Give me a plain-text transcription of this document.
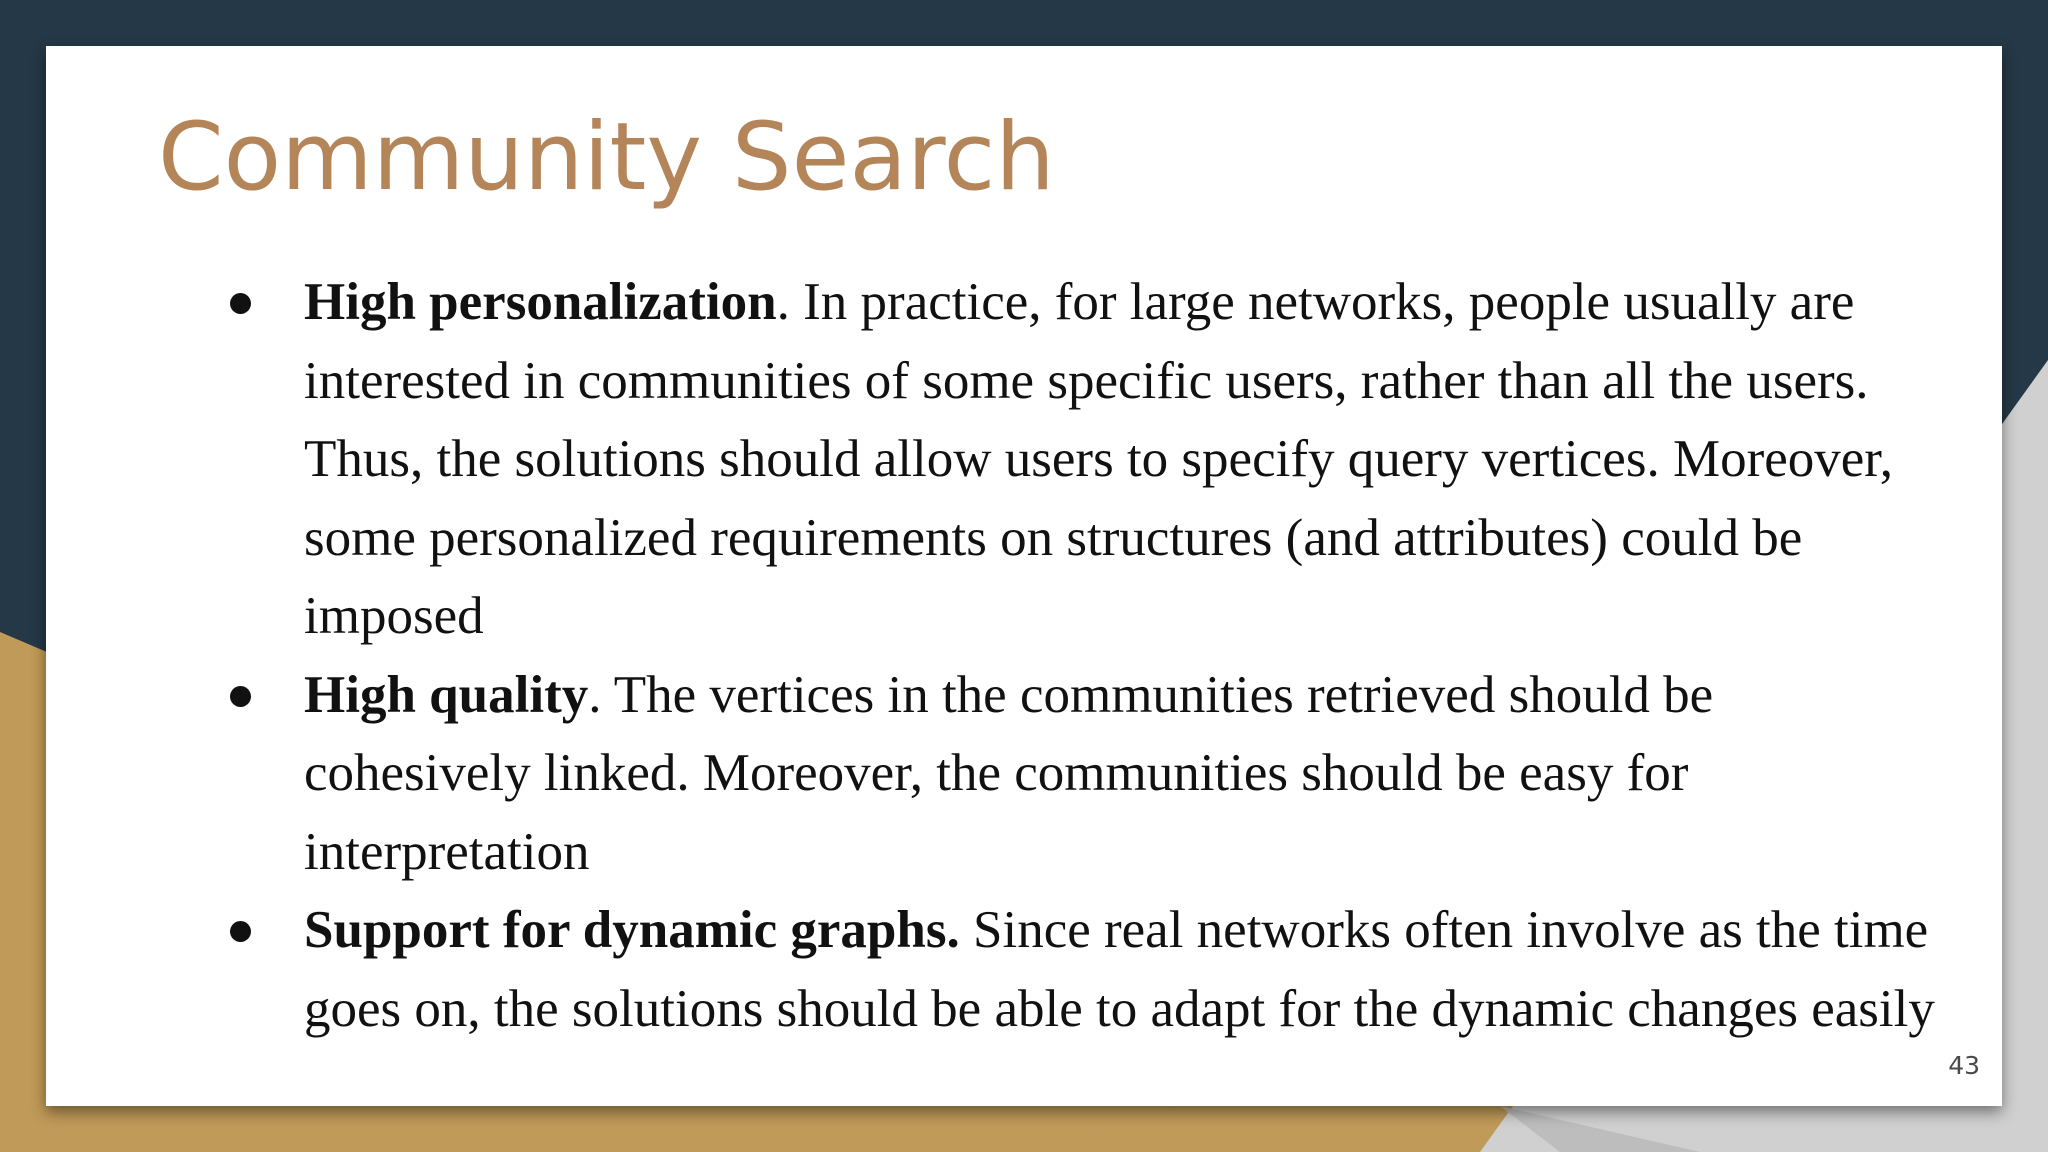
Community Search
High personalization. In practice, for large networks, people usually are interested in communities of some specific users, rather than all the users. Thus, the solutions should allow users to specify query vertices. Moreover, some personalized requirements on structures (and attributes) could be imposed
High quality. The vertices in the communities retrieved should be cohesively linked. Moreover, the communities should be easy for interpretation
Support for dynamic graphs. Since real networks often involve as the time goes on, the solutions should be able to adapt for the dynamic changes easily
43
